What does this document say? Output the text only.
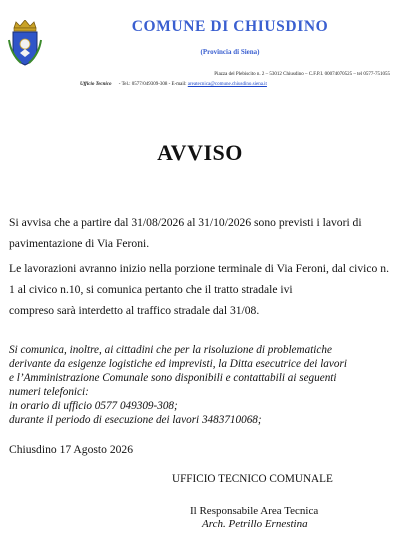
COMUNE DI CHIUSDINO
(Provincia di Siena)
Piazza del Plebiscito n. 2 – 53012 Chiusdino – C.F.P.I. 00074070525 – tel 0577-751055
Ufficio Tecnico - Tel.: 0577/049309-308 - E-mail: areatecnica@comune.chiusdino.siena.it
AVVISO
Si avvisa che a partire dal 31/08/2026 al 31/10/2026 sono previsti i lavori di
pavimentazione di Via Feroni.
Le lavorazioni avranno inizio nella porzione terminale di Via Feroni, dal civico n. 1 al civico n.10, si comunica pertanto che il tratto stradale ivi
compreso sarà interdetto al traffico stradale dal 31/08.
Si comunica, inoltre, ai cittadini che per la risoluzione di problematiche
derivante da esigenze logistiche ed imprevisti, la Ditta esecutrice dei lavori
e l’Amministrazione Comunale sono disponibili e contattabili ai seguenti
numeri telefonici:
in orario di ufficio 0577 049309-308;
durante il periodo di esecuzione dei lavori 3483710068;
Chiusdino 17 Agosto 2026
UFFICIO TECNICO COMUNALE
Il Responsabile Area Tecnica
Arch. Petrillo Ernestina
